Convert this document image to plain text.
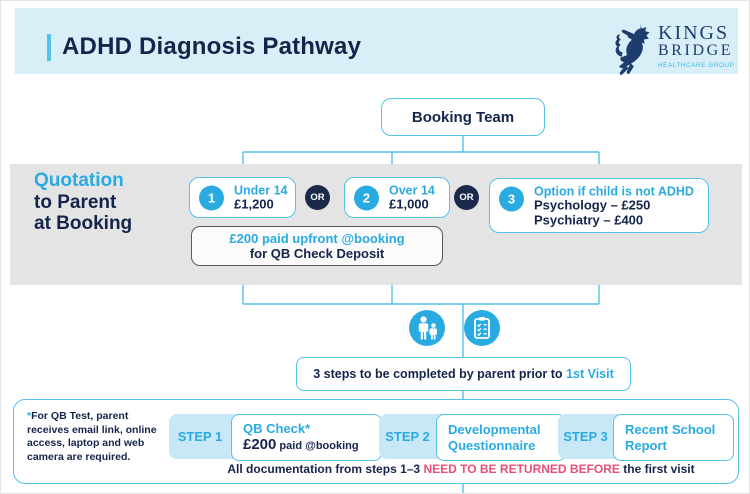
ADHD Diagnosis Pathway	KINGS
BRIDGE
HEALTHCARE GROUP
Booking Team
Quotation
to Parent
at Booking
1	Under 14
£1,200	OR	2	Over 14
£1,000	OR	3
Option if child is not ADHD
Psychology – £250
Psychiatry – £400
£200 paid upfront @booking
for QB Check Deposit
3 steps to be completed by parent prior to 1st Visit
*For QB Test, parent receives email link, online access, laptop and web camera are required.
STEP 1
QB Check*
£200 paid @booking
STEP 2	Developmental Questionnaire
STEP 3	Recent School Report
All documentation from steps 1–3 NEED TO BE RETURNED BEFORE the first visit
